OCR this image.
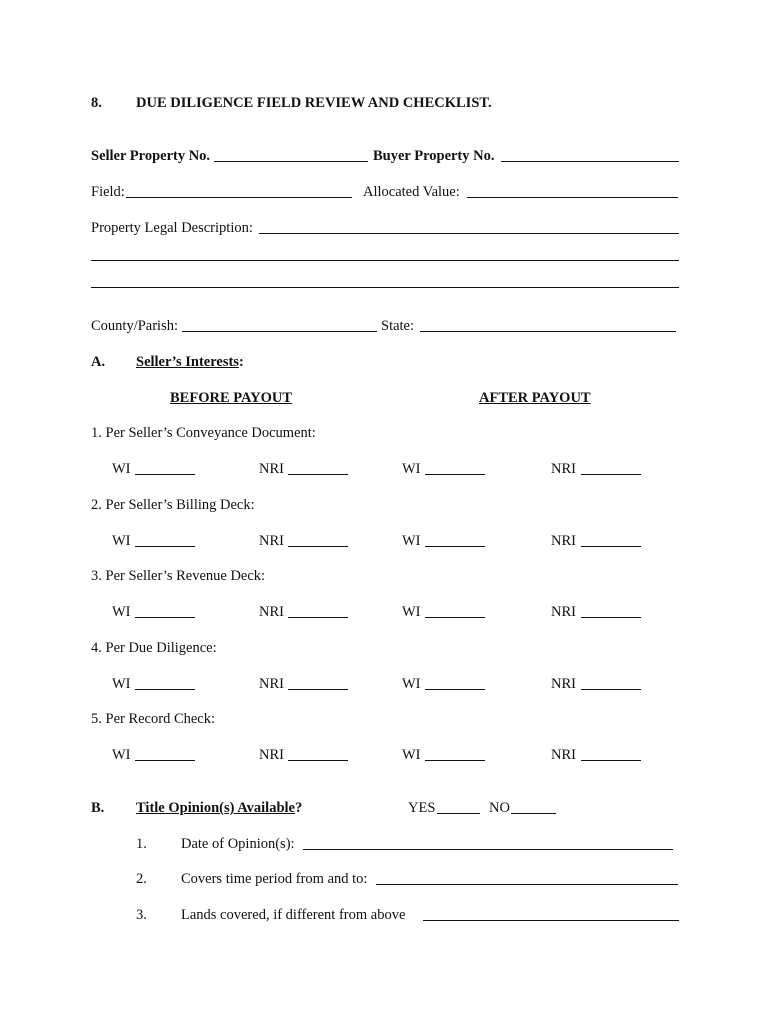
8. DUE DILIGENCE FIELD REVIEW AND CHECKLIST.
Seller Property No.	Buyer Property No.
Field:	Allocated Value:
Property Legal Description:
County/Parish:	State:
A. Seller’s Interests:
BEFORE PAYOUT	AFTER PAYOUT
1. Per Seller’s Conveyance Document:
WI	NRI	WI	NRI
2. Per Seller’s Billing Deck:
WI	NRI	WI	NRI
3. Per Seller’s Revenue Deck:
WI	NRI	WI	NRI
4. Per Due Diligence:
WI	NRI	WI	NRI
5. Per Record Check:
WI	NRI	WI	NRI
B. Title Opinion(s) Available?	YES	NO
1. Date of Opinion(s):
2. Covers time period from and to:
3. Lands covered, if different from above
